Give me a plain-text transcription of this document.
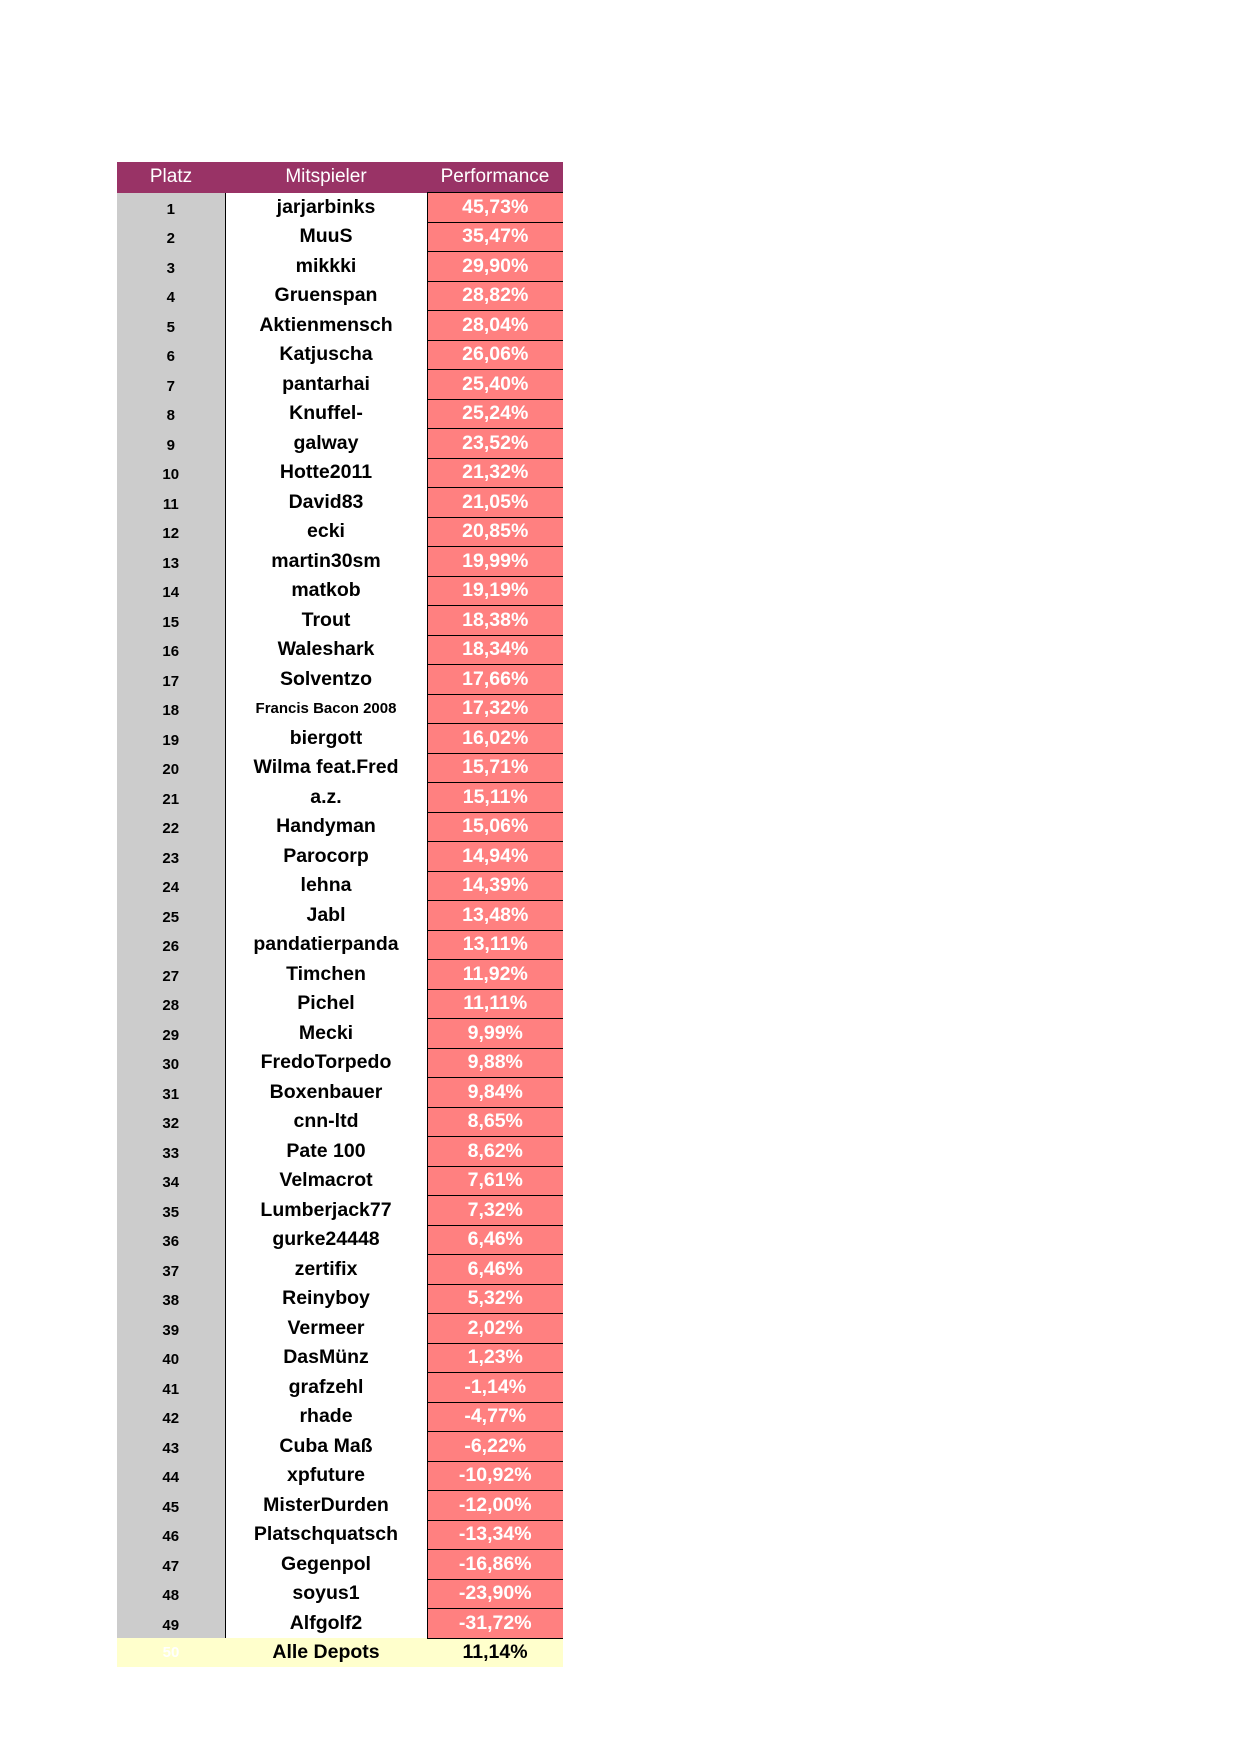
Platz	Mitspieler	Performance
1	jarjarbinks	45,73%
2	MuuS	35,47%
3	mikkki	29,90%
4	Gruenspan	28,82%
5	Aktienmensch	28,04%
6	Katjuscha	26,06%
7	pantarhai	25,40%
8	Knuffel-	25,24%
9	galway	23,52%
10	Hotte2011	21,32%
11	David83	21,05%
12	ecki	20,85%
13	martin30sm	19,99%
14	matkob	19,19%
15	Trout	18,38%
16	Waleshark	18,34%
17	Solventzo	17,66%
18	Francis Bacon 2008	17,32%
19	biergott	16,02%
20	Wilma feat.Fred	15,71%
21	a.z.	15,11%
22	Handyman	15,06%
23	Parocorp	14,94%
24	lehna	14,39%
25	Jabl	13,48%
26	pandatierpanda	13,11%
27	Timchen	11,92%
28	Pichel	11,11%
29	Mecki	9,99%
30	FredoTorpedo	9,88%
31	Boxenbauer	9,84%
32	cnn-ltd	8,65%
33	Pate 100	8,62%
34	Velmacrot	7,61%
35	Lumberjack77	7,32%
36	gurke24448	6,46%
37	zertifix	6,46%
38	Reinyboy	5,32%
39	Vermeer	2,02%
40	DasMünz	1,23%
41	grafzehl	-1,14%
42	rhade	-4,77%
43	Cuba Maß	-6,22%
44	xpfuture	-10,92%
45	MisterDurden	-12,00%
46	Platschquatsch	-13,34%
47	Gegenpol	-16,86%
48	soyus1	-23,90%
49	Alfgolf2	-31,72%
50	Alle Depots	11,14%
